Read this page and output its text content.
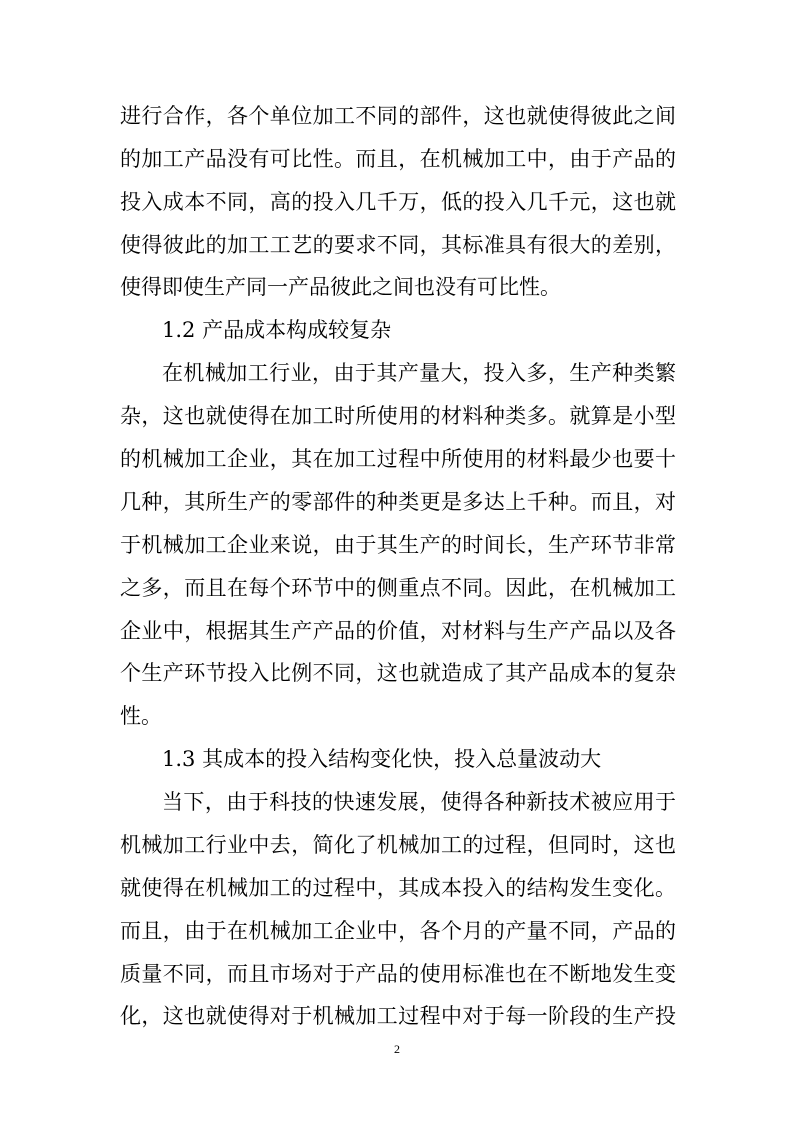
进行合作，各个单位加工不同的部件，这也就使得彼此之间
的加工产品没有可比性。而且，在机械加工中，由于产品的
投入成本不同，高的投入几千万，低的投入几千元，这也就
使得彼此的加工工艺的要求不同，其标准具有很大的差别，
使得即使生产同一产品彼此之间也没有可比性。
1.2 产品成本构成较复杂
在机械加工行业，由于其产量大，投入多，生产种类繁
杂，这也就使得在加工时所使用的材料种类多。就算是小型
的机械加工企业，其在加工过程中所使用的材料最少也要十
几种，其所生产的零部件的种类更是多达上千种。而且，对
于机械加工企业来说，由于其生产的时间长，生产环节非常
之多，而且在每个环节中的侧重点不同。因此，在机械加工
企业中，根据其生产产品的价值，对材料与生产产品以及各
个生产环节投入比例不同，这也就造成了其产品成本的复杂
性。
1.3 其成本的投入结构变化快，投入总量波动大
当下，由于科技的快速发展，使得各种新技术被应用于
机械加工行业中去，简化了机械加工的过程，但同时，这也
就使得在机械加工的过程中，其成本投入的结构发生变化。
而且，由于在机械加工企业中，各个月的产量不同，产品的
质量不同，而且市场对于产品的使用标准也在不断地发生变
化，这也就使得对于机械加工过程中对于每一阶段的生产投
2
